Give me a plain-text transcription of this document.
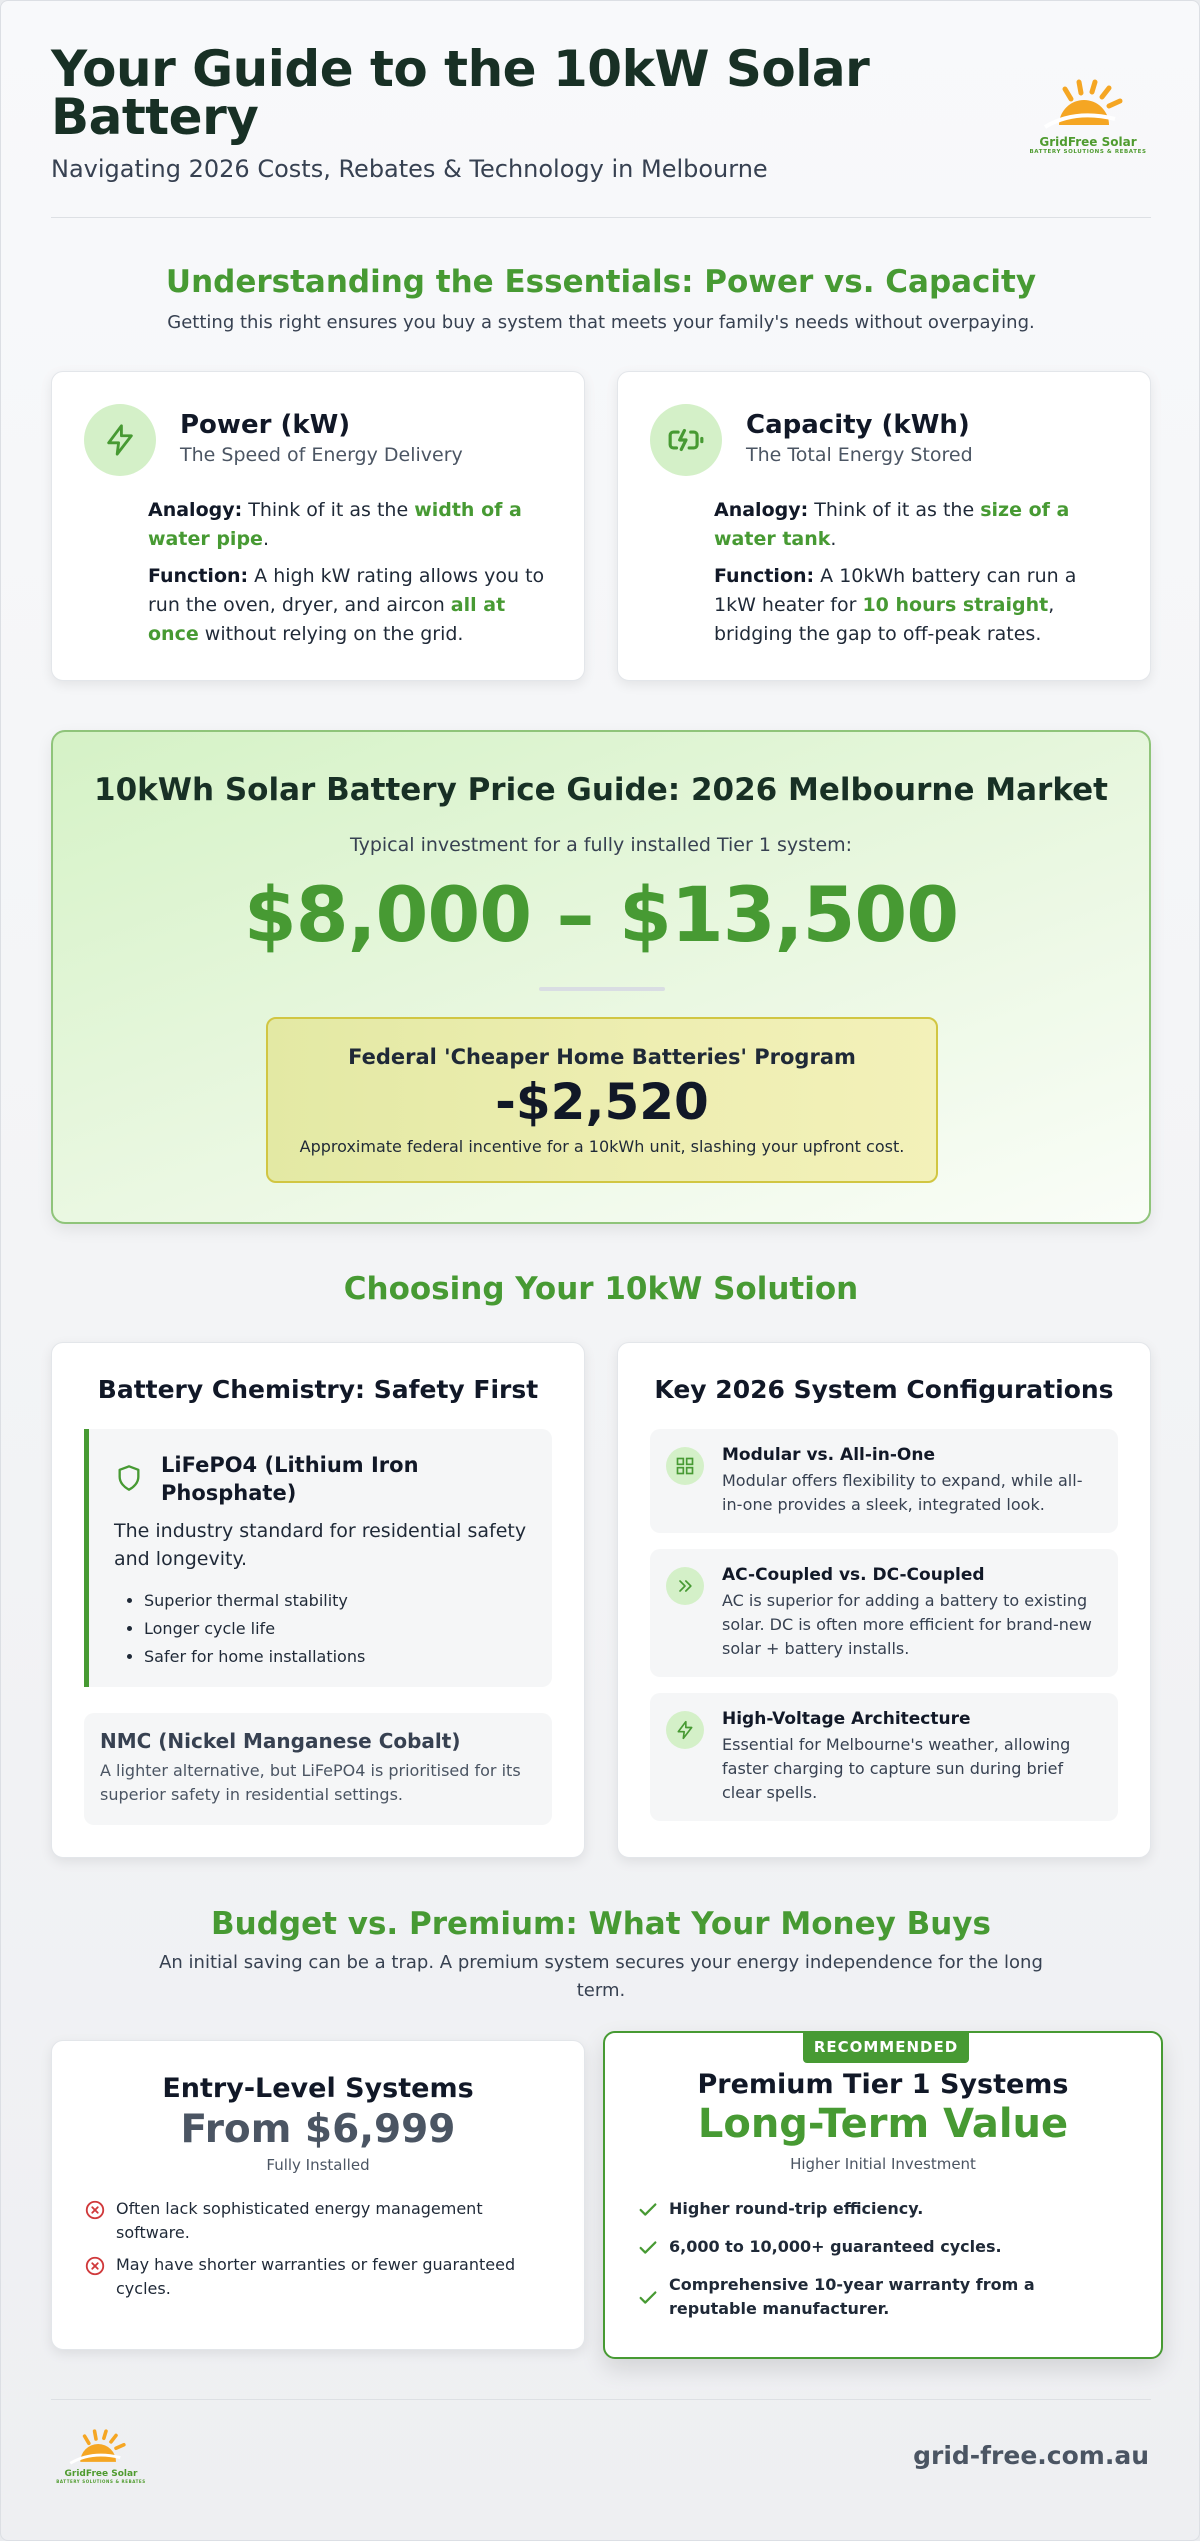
Your Guide to the 10kW Solar Battery
Navigating 2026 Costs, Rebates & Technology in Melbourne
GridFree Solar
BATTERY SOLUTIONS & REBATES
Understanding the Essentials: Power vs. Capacity
Getting this right ensures you buy a system that meets your family's needs without overpaying.
Power (kW)
The Speed of Energy Delivery

Analogy: Think of it as the width of a water pipe.

Function: A high kW rating allows you to run the oven, dryer, and aircon all at once without relying on the grid.

Capacity (kWh)
The Total Energy Stored

Analogy: Think of it as the size of a water tank.

Function: A 10kWh battery can run a 1kW heater for 10 hours straight, bridging the gap to off-peak rates.

10kWh Solar Battery Price Guide: 2026 Melbourne Market
Typical investment for a fully installed Tier 1 system:
$8,000 – $13,500
Federal 'Cheaper Home Batteries' Program
-$2,520
Approximate federal incentive for a 10kWh unit, slashing your upfront cost.
Choosing Your 10kW Solution
Battery Chemistry: Safety First
LiFePO4 (Lithium Iron Phosphate)
The industry standard for residential safety and longevity.
• Superior thermal stability
• Longer cycle life
• Safer for home installations
NMC (Nickel Manganese Cobalt)
A lighter alternative, but LiFePO4 is prioritised for its superior safety in residential settings.
Key 2026 System Configurations
Modular vs. All-in-One
Modular offers flexibility to expand, while all-in-one provides a sleek, integrated look.
AC-Coupled vs. DC-Coupled
AC is superior for adding a battery to existing solar. DC is often more efficient for brand-new solar + battery installs.
High-Voltage Architecture
Essential for Melbourne's weather, allowing faster charging to capture sun during brief clear spells.
Budget vs. Premium: What Your Money Buys
An initial saving can be a trap. A premium system secures your energy independence for the long term.
Entry-Level Systems
From $6,999
Fully Installed
Often lack sophisticated energy management software.
May have shorter warranties or fewer guaranteed cycles.
RECOMMENDED
Premium Tier 1 Systems
Long-Term Value
Higher Initial Investment
Higher round-trip efficiency.
6,000 to 10,000+ guaranteed cycles.
Comprehensive 10-year warranty from a reputable manufacturer.
GridFree Solar
BATTERY SOLUTIONS & REBATES
grid-free.com.au
